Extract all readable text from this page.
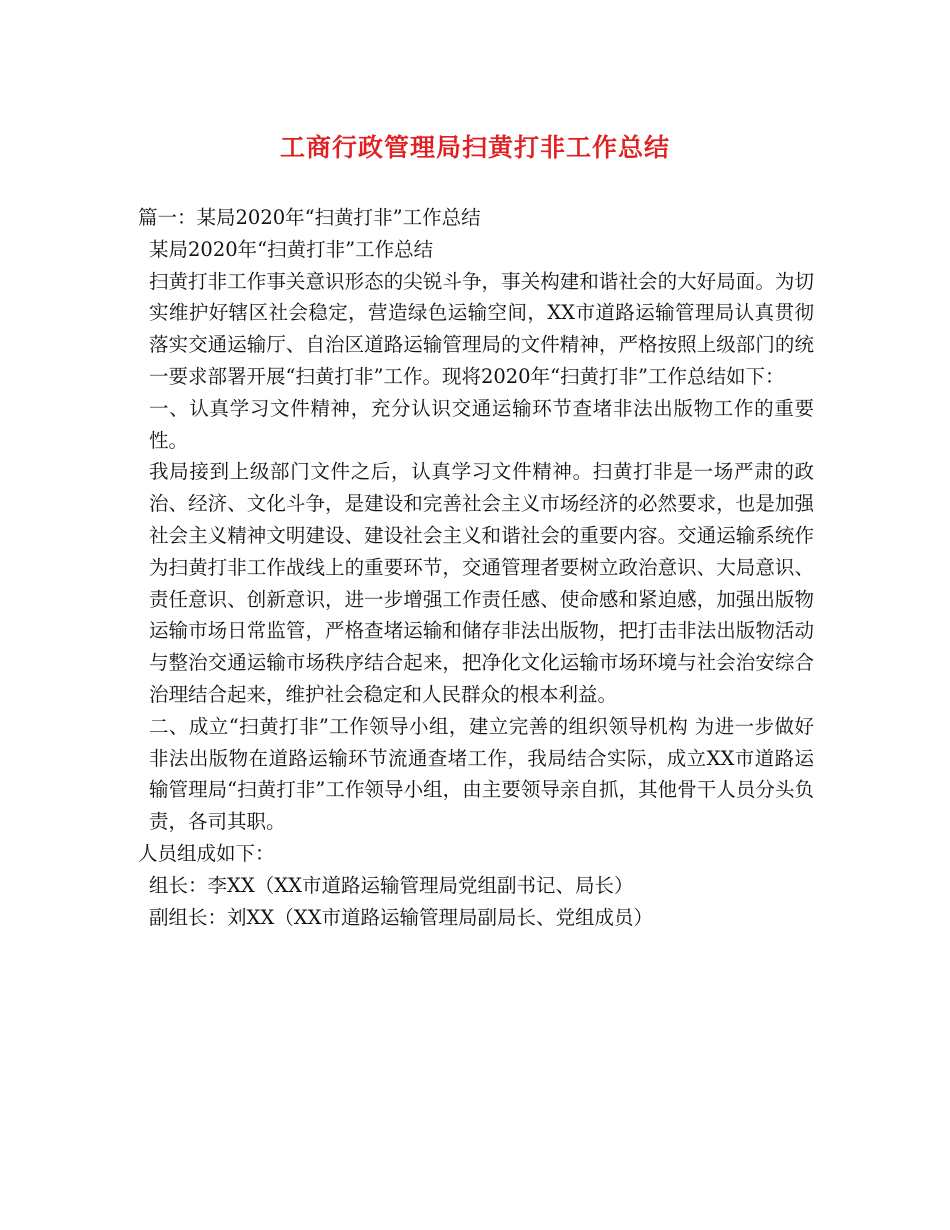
工商行政管理局扫黄打非工作总结

篇一：某局2020年“扫黄打非”工作总结

某局2020年“扫黄打非”工作总结

扫黄打非工作事关意识形态的尖锐斗争，事关构建和谐社会的大好局面。为切实维护好辖区社会稳定，营造绿色运输空间，XX市道路运输管理局认真贯彻落实交通运输厅、自治区道路运输管理局的文件精神，严格按照上级部门的统一要求部署开展“扫黄打非”工作。现将2020年“扫黄打非”工作总结如下：

一、认真学习文件精神，充分认识交通运输环节查堵非法出版物工作的重要性。

我局接到上级部门文件之后，认真学习文件精神。扫黄打非是一场严肃的政治、经济、文化斗争，是建设和完善社会主义市场经济的必然要求，也是加强社会主义精神文明建设、建设社会主义和谐社会的重要内容。交通运输系统作为扫黄打非工作战线上的重要环节，交通管理者要树立政治意识、大局意识、责任意识、创新意识，进一步增强工作责任感、使命感和紧迫感，加强出版物运输市场日常监管，严格查堵运输和储存非法出版物，把打击非法出版物活动与整治交通运输市场秩序结合起来，把净化文化运输市场环境与社会治安综合治理结合起来，维护社会稳定和人民群众的根本利益。

二、成立“扫黄打非”工作领导小组，建立完善的组织领导机构 为进一步做好非法出版物在道路运输环节流通查堵工作，我局结合实际，成立XX市道路运输管理局“扫黄打非”工作领导小组，由主要领导亲自抓，其他骨干人员分头负责，各司其职。

人员组成如下：

组长：李XX（XX市道路运输管理局党组副书记、局长）

副组长：刘XX（XX市道路运输管理局副局长、党组成员）
